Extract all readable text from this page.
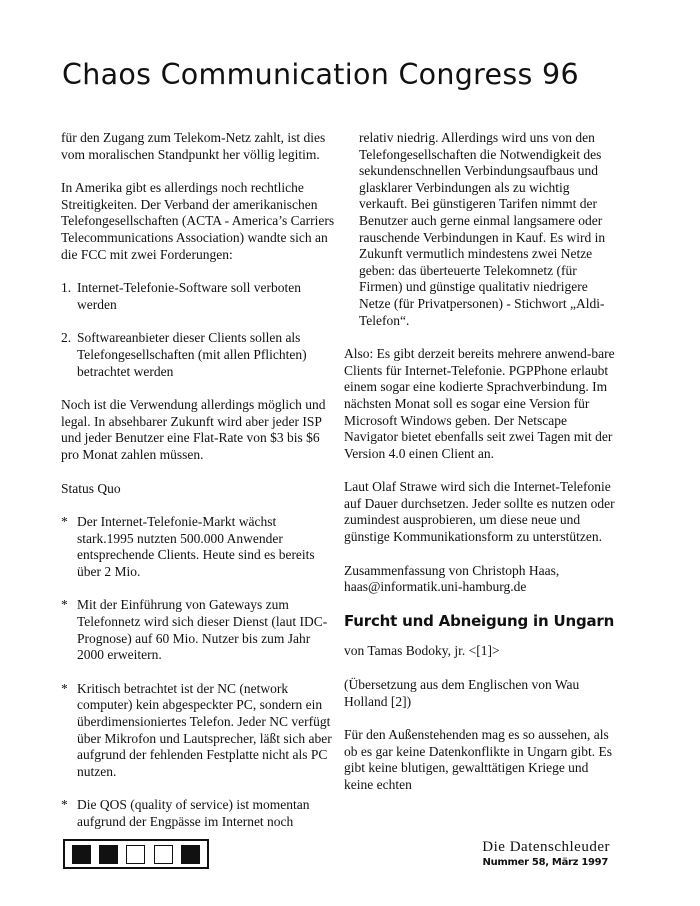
Chaos Communication Congress 96

für den Zugang zum Telekom-Netz zahlt, ist dies vom moralischen Standpunkt her völlig legitim.

In Amerika gibt es allerdings noch rechtliche Streitigkeiten. Der Verband der amerikanischen Telefongesellschaften (ACTA - America’s Carriers Telecommunications Association) wandte sich an die FCC mit zwei Forderungen:

1. Internet-Telefonie-Software soll verboten werden
2. Softwareanbieter dieser Clients sollen als Telefongesellschaften (mit allen Pflichten) betrachtet werden

Noch ist die Verwendung allerdings möglich und legal. In absehbarer Zukunft wird aber jeder ISP und jeder Benutzer eine Flat-Rate von $3 bis $6 pro Monat zahlen müssen.

Status Quo

* Der Internet-Telefonie-Markt wächst stark.1995 nutzten 500.000 Anwender entsprechende Clients. Heute sind es bereits über 2 Mio.
* Mit der Einführung von Gateways zum Telefonnetz wird sich dieser Dienst (laut IDC-Prognose) auf 60 Mio. Nutzer bis zum Jahr 2000 erweitern.
* Kritisch betrachtet ist der NC (network computer) kein abgespeckter PC, sondern ein überdimensioniertes Telefon. Jeder NC verfügt über Mikrofon und Lautsprecher, läßt sich aber aufgrund der fehlenden Festplatte nicht als PC nutzen.
* Die QOS (quality of service) ist momentan aufgrund der Engpässe im Internet noch

relativ niedrig. Allerdings wird uns von den Telefongesellschaften die Notwendigkeit des sekundenschnellen Verbindungsaufbaus und glasklarer Verbindungen als zu wichtig verkauft. Bei günstigeren Tarifen nimmt der Benutzer auch gerne einmal langsamere oder rauschende Verbindungen in Kauf. Es wird in Zukunft vermutlich mindestens zwei Netze geben: das überteuerte Telekomnetz (für Firmen) und günstige qualitativ niedrigere Netze (für Privatpersonen) - Stichwort „Aldi-Telefon“.

Also: Es gibt derzeit bereits mehrere anwend-bare Clients für Internet-Telefonie. PGPPhone erlaubt einem sogar eine kodierte Sprachverbindung. Im nächsten Monat soll es sogar eine Version für Microsoft Windows geben. Der Netscape Navigator bietet ebenfalls seit zwei Tagen mit der Version 4.0 einen Client an.

Laut Olaf Strawe wird sich die Internet-Telefonie auf Dauer durchsetzen. Jeder sollte es nutzen oder zumindest ausprobieren, um diese neue und günstige Kommunikationsform zu unterstützen.

Zusammenfassung von Christoph Haas,
haas@informatik.uni-hamburg.de

Furcht und Abneigung in Ungarn

von Tamas Bodoky, jr. <[1]>

(Übersetzung aus dem Englischen von Wau Holland [2])

Für den Außenstehenden mag es so aussehen, als ob es gar keine Datenkonflikte in Ungarn gibt. Es gibt keine blutigen, gewalttätigen Kriege und keine echten

Die Datenschleuder
Nummer 58, März 1997
